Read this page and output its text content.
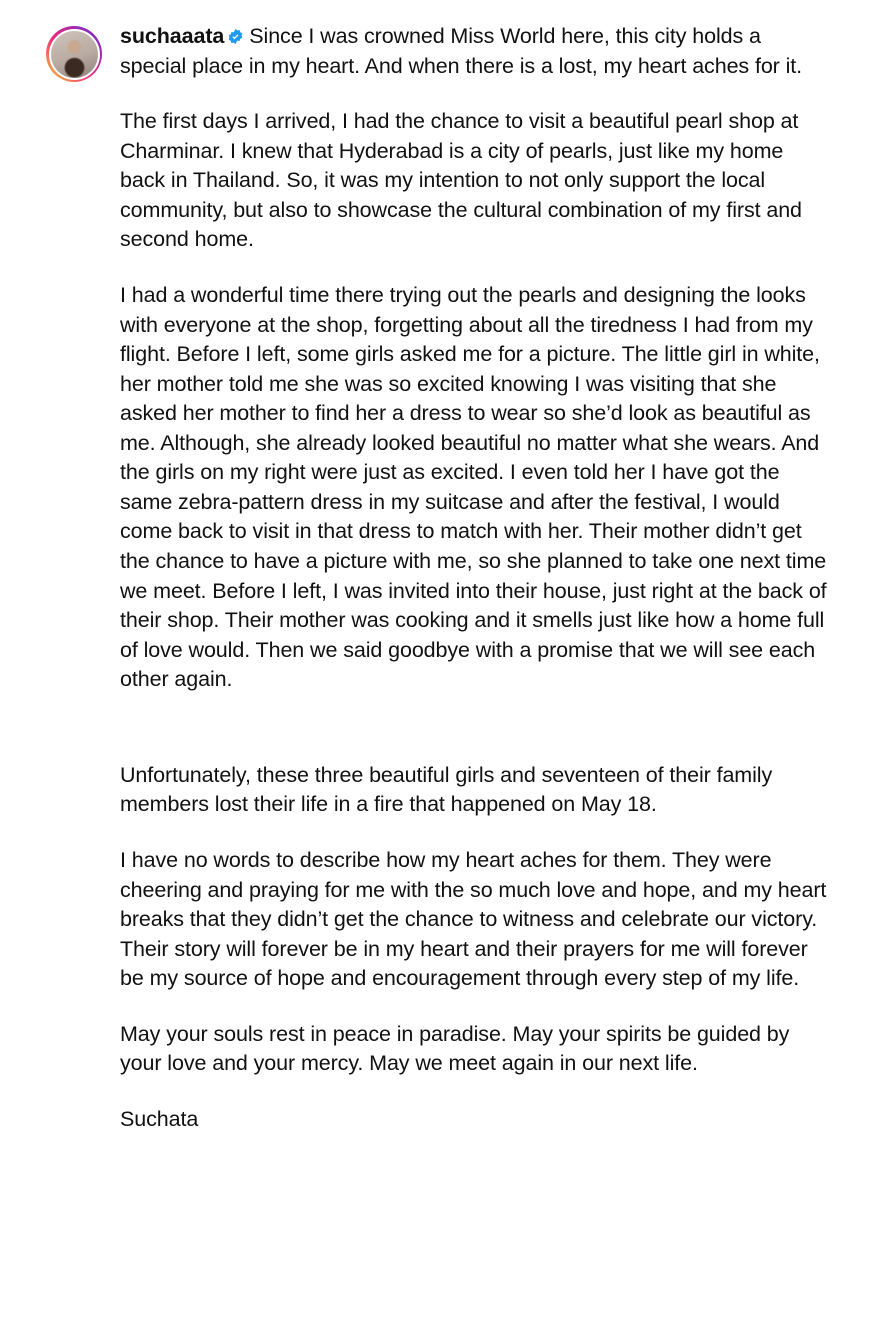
suchaaata Since I was crowned Miss World here, this city holds a special place in my heart. And when there is a lost, my heart aches for it.

The first days I arrived, I had the chance to visit a beautiful pearl shop at Charminar. I knew that Hyderabad is a city of pearls, just like my home back in Thailand. So, it was my intention to not only support the local community, but also to showcase the cultural combination of my first and second home.

I had a wonderful time there trying out the pearls and designing the looks with everyone at the shop, forgetting about all the tiredness I had from my flight. Before I left, some girls asked me for a picture. The little girl in white, her mother told me she was so excited knowing I was visiting that she asked her mother to find her a dress to wear so she’d look as beautiful as me. Although, she already looked beautiful no matter what she wears. And the girls on my right were just as excited. I even told her I have got the same zebra-pattern dress in my suitcase and after the festival, I would come back to visit in that dress to match with her. Their mother didn’t get the chance to have a picture with me, so she planned to take one next time we meet. Before I left, I was invited into their house, just right at the back of their shop. Their mother was cooking and it smells just like how a home full of love would. Then we said goodbye with a promise that we will see each other again.

Unfortunately, these three beautiful girls and seventeen of their family members lost their life in a fire that happened on May 18.

I have no words to describe how my heart aches for them. They were cheering and praying for me with the so much love and hope, and my heart breaks that they didn’t get the chance to witness and celebrate our victory. Their story will forever be in my heart and their prayers for me will forever be my source of hope and encouragement through every step of my life.

May your souls rest in peace in paradise. May your spirits be guided by your love and your mercy. May we meet again in our next life.

Suchata
